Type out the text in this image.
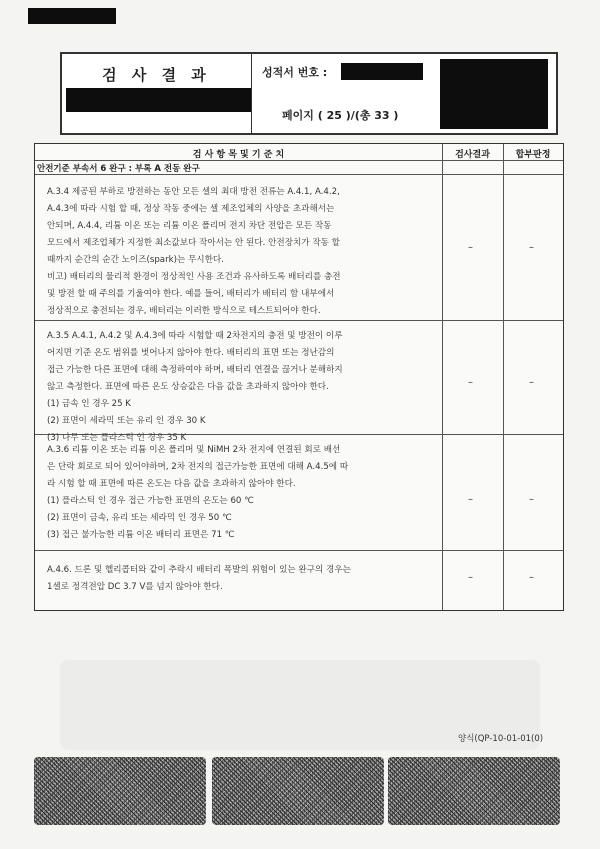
검 사 결 과	성적서 번호 :
페이지 ( 25 )/(총 33 )
검 사 항 목 및 기 준 치	검사결과	합부판정
안전기준 부속서 6 완구 : 부록 A 전동 완구

A.3.4 제공된 부하로 방전하는 동안 모든 셀의 최대 방전 전류는 A.4.1, A.4.2,

A.4.3에 따라 시험 할 때, 정상 작동 중에는 셀 제조업체의 사양을 초과해서는

안되며, A.4.4, 리튬 이온 또는 리튬 이온 폴리머 전지 차단 전압은 모든 작동

모드에서 제조업체가 지정한 최소값보다 작아서는 안 된다. 안전장치가 작동 할

때까지 순간의 순간 노이즈(spark)는 무시한다.

비고) 배터리의 물리적 환경이 정상적인 사용 조건과 유사하도록 배터리를 충전

및 방전 할 때 주의를 기울여야 한다. 예를 들어, 배터리가 배터리 함 내부에서

정상적으로 충전되는 경우, 배터리는 이러한 방식으로 테스트되어야 한다.

–	–

A.3.5 A.4.1, A.4.2 및 A.4.3에 따라 시험할 때 2차전지의 충전 및 방전이 이루

어지면 기준 온도 범위를 벗어나지 않아야 한다. 배터리의 표면 또는 정난감의

접근 가능한 다른 표면에 대해 측정하여야 하며, 배터리 연결을 끊거나 분해하지

않고 측정한다. 표면에 따른 온도 상승값은 다음 값을 초과하지 않아야 한다.

(1) 금속 인 경우 25 K

(2) 표면이 세라믹 또는 유리 인 경우 30 K

(3) 나무 또는 플라스틱 인 경우 35 K

–	–

A.3.6 리튬 이온 또는 리튬 이온 폴리머 및 NiMH 2차 전지에 연결된 회로 배선

은 단락 회로로 되어 있어야하며, 2차 전지의 접근가능한 표면에 대해 A.4.5에 따

라 시험 할 때 표면에 따른 온도는 다음 값을 초과하지 않아야 한다.

(1) 플라스틱 인 경우 접근 가능한 표면의 온도는 60 ℃

(2) 표면이 금속, 유리 또는 세라믹 인 경우 50 ℃

(3) 접근 불가능한 리튬 이온 배터리 표면은 71 ℃

–	–

A.4.6. 드론 및 헬리콥터와 같이 추락시 배터리 폭발의 위험이 있는 완구의 경우는

1셀로 정격전압 DC 3.7 V를 넘지 않아야 한다.

–	–
양식(QP-10-01-01(0)
